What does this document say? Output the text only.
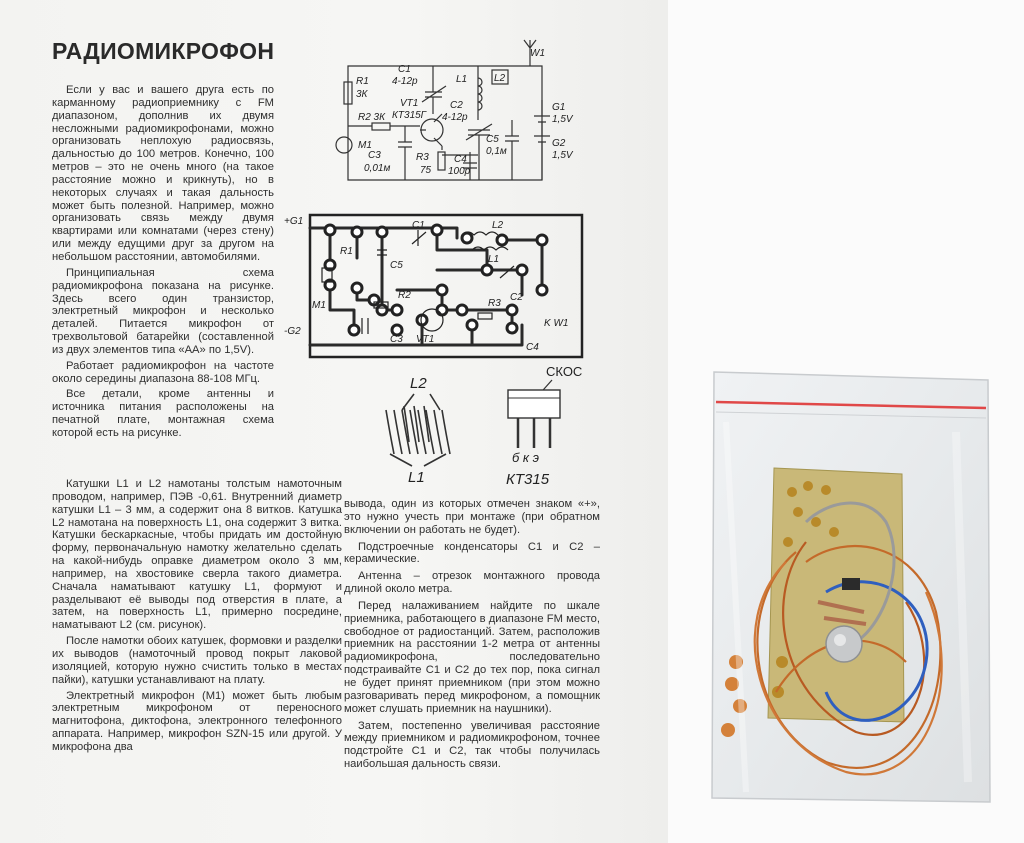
РАДИОМИКРОФОН

Если у вас и вашего друга есть по карманному радиоприемнику с FM диапазоном, дополнив их двумя несложными радиомикрофонами, можно организовать неплохую радиосвязь, дальностью до 100 метров. Конечно, 100 метров – это не очень много (на такое расстояние можно и крикнуть), но в некоторых случаях и такая дальность может быть полезной. Например, можно организовать связь между двумя квартирами или комнатами (через стену) или между едущими друг за другом на небольшом расстоянии, автомобилями.

Принципиальная схема радиомикрофона показана на рисунке. Здесь всего один транзистор, электретный микрофон и несколько деталей. Питается микрофон от трехвольтовой батарейки (составленной из двух элементов типа «АА» по 1,5V).

Работает радиомикрофон на частоте около середины диапазона 88-108 МГц.

Все детали, кроме антенны и источника питания расположены на печатной плате, монтажная схема которой есть на рисунке.

Катушки L1 и L2 намотаны толстым намоточным проводом, например, ПЭВ -0,61. Внутренний диаметр катушки L1 – 3 мм, а содержит она 8 витков. Катушка L2 намотана на поверхность L1, она содержит 3 витка. Катушки бескаркасные, чтобы придать им достойную форму, первоначальную намотку желательно сделать на какой-нибудь оправке диаметром около 3 мм, например, на хвостовике сверла такого диаметра. Сначала наматывают катушку L1, формуют и разделывают её выводы под отверстия в плате, а затем, на поверхность L1, примерно посредине, наматывают L2 (см. рисунок).

После намотки обоих катушек, формовки и разделки их выводов (намоточный провод покрыт лаковой изоляцией, которую нужно счистить только в местах пайки), катушки устанавливают на плату.

Электретный микрофон (M1) может быть любым электретным микрофоном от переносного магнитофона, диктофона, электронного телефонного аппарата. Например, микрофон SZN-15 или другой. У микрофона два

вывода, один из которых отмечен знаком «+», это нужно учесть при монтаже (при обратном включении он работать не будет).

Подстроечные конденсаторы С1 и С2 – керамические.

Антенна – отрезок монтажного провода длиной около метра.

Перед налаживанием найдите по шкале приемника, работающего в диапазоне FM место, свободное от радиостанций. Затем, расположив приемник на расстоянии 1-2 метра от антенны радиомикрофона, последовательно подстраивайте С1 и С2 до тех пор, пока сигнал не будет принят приемником (при этом можно разговаривать перед микрофоном, а помощник может слушать приемник на наушники).

Затем, постепенно увеличивая расстояние между приемником и радиомикрофоном, точнее подстройте С1 и С2, так чтобы получилась наибольшая дальность связи.

W1
R1
3К
R2 3К
C1
4-12р
VT1
КТ315Г
L1	L2
C2
4-12р
C5
0,1м
M1
C3
0,01м
R3
75
C4
100р
G1
1,5V
G2
1,5V
+G1
-G2
C1	L2
R1
C5
L1
M1
R2	C2
R3
C3 VT1
C4
K W1
L2
L1
СКОС
б к э
КТ315
